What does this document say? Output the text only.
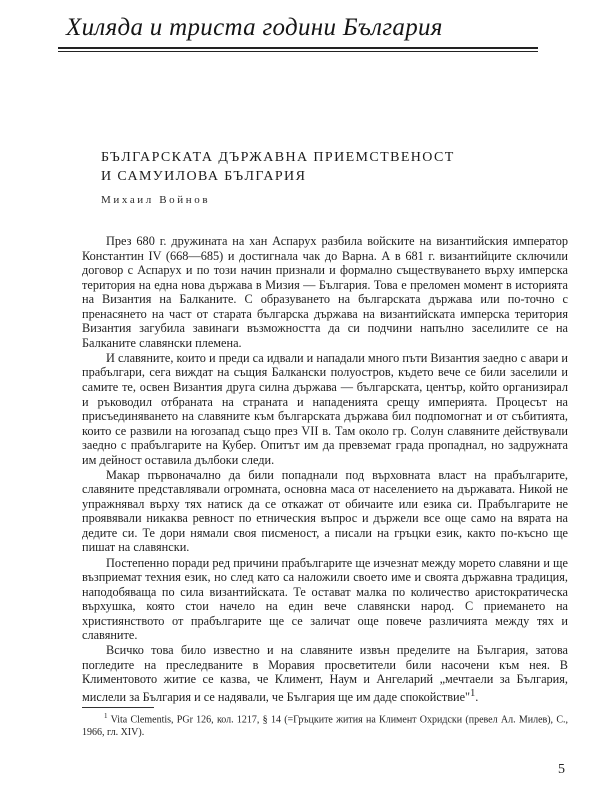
Хиляда и триста години България
БЪЛГАРСКАТА ДЪРЖАВНА ПРИЕМСТВЕНОСТ
И САМУИЛОВА БЪЛГАРИЯ
Михаил Войнов

През 680 г. дружината на хан Аспарух разбила войските на византийския император Константин IV (668—685) и достигнала чак до Варна. А в 681 г. византийците сключили договор с Аспарух и по този начин признали и формално съществуването върху имперска територия на една нова държава в Мизия — България. Това е преломен момент в историята на Византия на Балканите. С образуването на българската държава или по-точно с пренасянето на част от старата българска държава на византийската имперска територия Византия загубила завинаги възможността да си подчини напълно заселилите се на Балканите славянски племена.

И славяните, които и преди са идвали и нападали много пъти Византия заедно с авари и прабългари, сега виждат на същия Балкански полуостров, където вече се били заселили и самите те, освен Византия друга силна държава — българската, център, който организирал и ръководил отбраната на страната и нападенията срещу империята. Процесът на присъединяването на славяните към българската държава бил подпомогнат и от събитията, които се развили на югозапад също през VII в. Там около гр. Солун славяните действували заедно с прабългарите на Кубер. Опитът им да превземат града пропаднал, но задружната им дейност оставила дълбоки следи.

Макар първоначално да били попаднали под върховната власт на прабългарите, славяните представлявали огромната, основна маса от населението на държавата. Никой не упражнявал върху тях натиск да се откажат от обичаите или езика си. Прабългарите не проявявали никаква ревност по етническия въпрос и държели все още само на вярата на дедите си. Те дори нямали своя писменост, а писали на гръцки език, както по-късно ще пишат на славянски.

Постепенно поради ред причини прабългарите ще изчезнат между морето славяни и ще възприемат техния език, но след като са наложили своето име и своята държавна традиция, наподобяваща по сила византийската. Те остават малка по количество аристократическа върхушка, която стои начело на един вече славянски народ. С приемането на християнството от прабългарите ще се заличат още повече различията между тях и славяните.

Всичко това било известно и на славяните извън пределите на България, затова погледите на преследваните в Моравия просветители били насочени към нея. В Климентовото житие се казва, че Климент, Наум и Ангеларий „мечтаели за България, мислели за България и се надявали, че България ще им даде спокойствие"$^1$.

$^1$ Vita Clementis, PGr 126, кол. 1217, § 14 (=Гръцките жития на Климент Охридски (превел Ал. Милев), С., 1966, гл. XIV).
5
